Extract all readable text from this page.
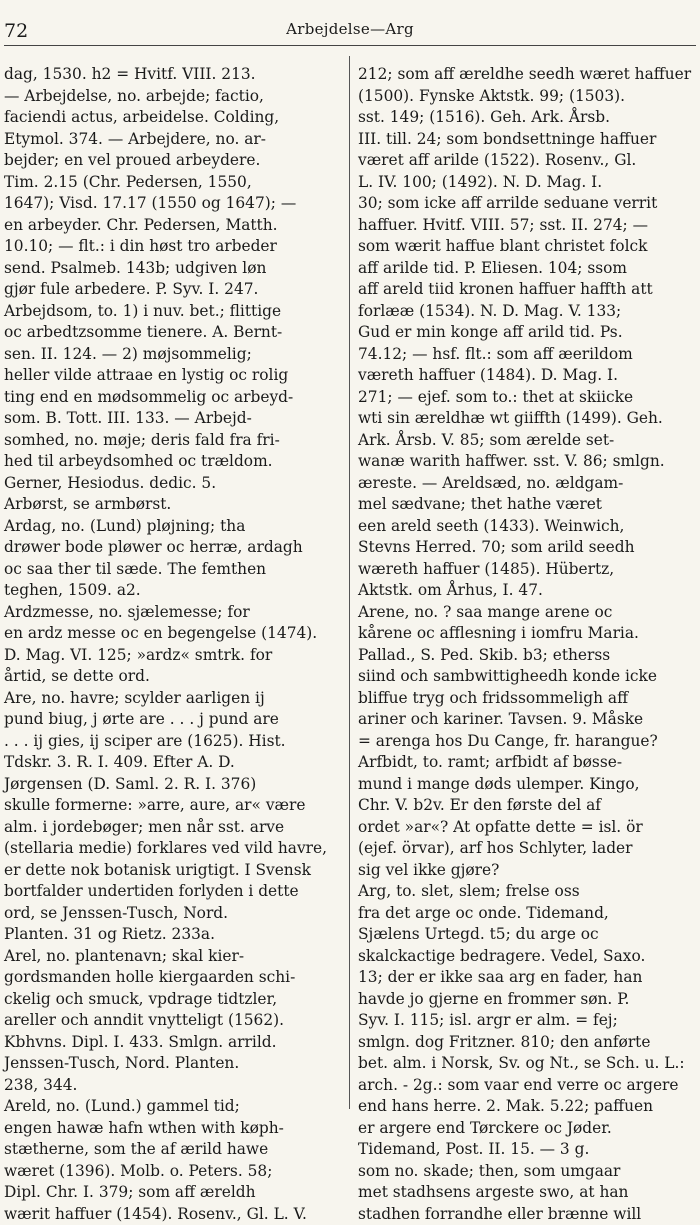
72	Arbejdelse—Arg
dag, 1530. h2 = Hvitf. VIII. 213.
— Arbejdelse, no. arbejde; factio,
faciendi actus, arbeidelse. Colding,
Etymol. 374. — Arbejdere, no. ar-
bejder; en vel proued arbeydere.
Tim. 2.15 (Chr. Pedersen, 1550,
1647); Visd. 17.17 (1550 og 1647); —
en arbeyder. Chr. Pedersen, Matth.
10.10; — flt.: i din høst tro arbeder
send. Psalmeb. 143b; udgiven løn
gjør fule arbedere. P. Syv. I. 247.
Arbejdsom, to. 1) i nuv. bet.; flittige
oc arbedtzsomme tienere. A. Bernt-
sen. II. 124. — 2) møjsommelig;
heller vilde attraae en lystig oc rolig
ting end en mødsommelig oc arbeyd-
som. B. Tott. III. 133. — Arbejd-
somhed, no. møje; deris fald fra fri-
hed til arbeydsomhed oc trældom.
Gerner, Hesiodus. dedic. 5.
Arbørst, se armbørst.
Ardag, no. (Lund) pløjning; tha
drøwer bode pløwer oc herræ, ardagh
oc saa ther til sæde. The femthen
teghen, 1509. a2.
Ardzmesse, no. sjælemesse; for
en ardz messe oc en begengelse (1474).
D. Mag. VI. 125; »ardz« smtrk. for
årtid, se dette ord.
Are, no. havre; scylder aarligen ij
pund biug, j ørte are . . . j pund are
. . . ij gies, ij sciper are (1625). Hist.
Tdskr. 3. R. I. 409. Efter A. D.
Jørgensen (D. Saml. 2. R. I. 376)
skulle formerne: »arre, aure, ar« være
alm. i jordebøger; men når sst. arve
(stellaria medie) forklares ved vild havre,
er dette nok botanisk urigtigt. I Svensk
bortfalder undertiden forlyden i dette
ord, se Jenssen-Tusch, Nord.
Planten. 31 og Rietz. 233a.
Arel, no. plantenavn; skal kier-
gordsmanden holle kiergaarden schi-
ckelig och smuck, vpdrage tidtzler,
areller och anndit vnytteligt (1562).
Kbhvns. Dipl. I. 433. Smlgn. arrild.
Jenssen-Tusch, Nord. Planten.
238, 344.
Areld, no. (Lund.) gammel tid;
engen hawæ hafn wthen with køph-
stætherne, som the af ærild hawe
wæret (1396). Molb. o. Peters. 58;
Dipl. Chr. I. 379; som aff æreldh
wærit haffuer (1454). Rosenv., Gl. L. V.
212; som aff æreldhe seedh wæret haffuer
(1500). Fynske Aktstk. 99; (1503).
sst. 149; (1516). Geh. Ark. Årsb.
III. till. 24; som bondsettninge haffuer
været aff arilde (1522). Rosenv., Gl.
L. IV. 100; (1492). N. D. Mag. I.
30; som icke aff arrilde seduane verrit
haffuer. Hvitf. VIII. 57; sst. II. 274; —
som wærit haffue blant christet folck
aff arilde tid. P. Eliesen. 104; ssom
aff areld tiid kronen haffuer haffth att
forlææ (1534). N. D. Mag. V. 133;
Gud er min konge aff arild tid. Ps.
74.12; — hsf. flt.: som aff æerildom
væreth haffuer (1484). D. Mag. I.
271; — ejef. som to.: thet at skiicke
wti sin æreldhæ wt giiffth (1499). Geh.
Ark. Årsb. V. 85; som ærelde set-
wanæ warith haffwer. sst. V. 86; smlgn.
æreste. — Areldsæd, no. ældgam-
mel sædvane; thet hathe været
een areld seeth (1433). Weinwich,
Stevns Herred. 70; som arild seedh
wæreth haffuer (1485). Hübertz,
Aktstk. om Århus, I. 47.
Arene, no. ? saa mange arene oc
kårene oc afflesning i iomfru Maria.
Pallad., S. Ped. Skib. b3; etherss
siind och sambwittigheedh konde icke
bliffue tryg och fridssommeligh aff
ariner och kariner. Tavsen. 9. Måske
= arenga hos Du Cange, fr. harangue?
Arfbidt, to. ramt; arfbidt af bøsse-
mund i mange døds ulemper. Kingo,
Chr. V. b2v. Er den første del af
ordet »ar«? At opfatte dette = isl. ör
(ejef. örvar), arf hos Schlyter, lader
sig vel ikke gjøre?
Arg, to. slet, slem; frelse oss
fra det arge oc onde. Tidemand,
Sjælens Urtegd. t5; du arge oc
skalckactige bedragere. Vedel, Saxo.
13; der er ikke saa arg en fader, han
havde jo gjerne en frommer søn. P.
Syv. I. 115; isl. argr er alm. = fej;
smlgn. dog Fritzner. 810; den anførte
bet. alm. i Norsk, Sv. og Nt., se Sch. u. L.:
arch. - 2g.: som vaar end verre oc argere
end hans herre. 2. Mak. 5.22; paffuen
er argere end Tørckere oc Jøder.
Tidemand, Post. II. 15. — 3 g.
som no. skade; then, som umgaar
met stadhsens argeste swo, at han
stadhen forrandhe eller brænne will
